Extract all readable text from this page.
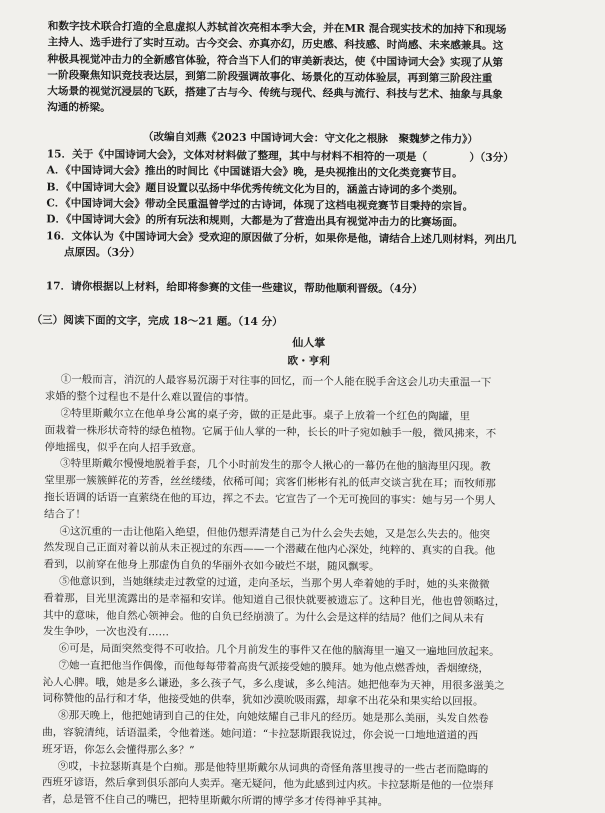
和数字技术联合打造的全息虚拟人苏轼首次亮相本季大会，并在MR 混合现实技术的加持下和现场

主持人、选手进行了实时互动。古今交会、亦真亦幻，历史感、科技感、时尚感、未来感兼具。这

种极具视觉冲击力的全新感官体验，符合当下人们的审美新表达，使《中国诗词大会》实现了从第

一阶段聚焦知识竞技表达层，到第二阶段强调故事化、场景化的互动体验层，再到第三阶段注重

大场景的视觉沉浸层的飞跃，搭建了古与今、传统与现代、经典与流行、科技与艺术、抽象与具象

沟通的桥梁。

（改编自刘燕《2023 中国诗词大会：守文化之根脉　聚魏梦之伟力》）

15．关于《中国诗词大会》，文体对材料做了整理，其中与材料不相符的一项是（　　　　）（3分）

A．《中国诗词大会》推出的时间比《中国谜语大会》晚，是央视推出的文化类竞赛节目。

B．《中国诗词大会》题目设置以弘扬中华优秀传统文化为目的，涵盖古诗词的多个类别。

C．《中国诗词大会》带动全民重温曾学过的古诗词，体现了这档电视竞赛节目秉持的宗旨。

D．《中国诗词大会》的所有玩法和规则，大都是为了营造出具有视觉冲击力的比赛场面。

16．文体认为《中国诗词大会》受欢迎的原因做了分析，如果你是他，请结合上述几则材料，列出几

点原因。（3分）

17．请你根据以上材料，给即将参赛的文佳一些建议，帮助他顺利晋级。（4分）

（三）阅读下面的文字，完成 18～21 题。（14 分）

仙人掌

欧・亨利

①一般而言，消沉的人最容易沉溺于对往事的回忆，而一个人能在脱手舍这会儿功夫重温一下

求婚的整个过程也不是什么难以置信的事情。

②特里斯戴尔立在他单身公寓的桌子旁，做的正是此事。桌子上放着一个红色的陶罐，里

面栽着一株形状奇特的绿色植物。它属于仙人掌的一种，长长的叶子宛如触手一般，微风拂来，不

停地摇曳，似乎在向人招手致意。

③特里斯戴尔慢慢地脱着手套，几个小时前发生的那令人揪心的一幕仍在他的脑海里闪现。教

堂里那一簇簇鲜花的芳香，丝丝缕缕，依稀可闻；宾客们彬彬有礼的低声交谈言犹在耳；而牧师那

拖长语调的话语一直萦绕在他的耳边，挥之不去。它宣告了一个无可挽回的事实：她与另一个男人

结合了！

④这沉重的一击让他陷入绝望，但他仍想弄清楚自己为什么会失去她，又是怎么失去的。他突

然发现自己正面对着以前从未正视过的东西——一个潜藏在他内心深处，纯粹的、真实的自我。他

看到，以前穿在他身上那虚伪自负的华丽外衣如今破烂不堪，随风飘零。

⑤他意识到，当她继续走过教堂的过道，走向圣坛，当那个男人牵着她的手时，她的头来微微

看着那，目光里流露出的是幸福和安详。他知道自己很快就要被遗忘了。这种目光，他也曾领略过，

其中的意味，他自然心领神会。他的自负已经崩溃了。为什么会是这样的结局？他们之间从未有

发生争吵，一次也没有……

⑥可是，局面突然变得不可收拾。几个月前发生的事件又在他的脑海里一遍又一遍地回放起来。

⑦她一直把他当作偶像，而他每每带着高贵气派接受她的膜拜。她为他点燃香烛，香烟缭绕，

沁人心脾。哦，她是多么谦逊，多么孩子气，多么虔诚，多么纯洁。她把他奉为天神，用很多滋美之

词称赞他的品行和才华，他接受她的供奉，犹如沙漠吮吸雨露，却拿不出花朵和果实给以回报。

⑧那天晚上，他把她请到自己的住处，向她炫耀自己非凡的经历。她是那么美丽，头发自然卷

曲，容貌清纯，话语温柔，令他着迷。她问道：“卡拉瑟斯跟我说过，你会说一口地地道道的西

班牙语，你怎么会懂得那么多？”

⑨哎，卡拉瑟斯真是个白痴。那是他特里斯戴尔从词典的奇怪角落里搜寻的一些古老而隐晦的

西班牙谚语，然后拿到俱乐部向人卖弄。毫无疑问，他为此感到过内疚。卡拉瑟斯是他的一位崇拜

者，总是管不住自己的嘴巴，把特里斯戴尔所谓的博学多才传得神乎其神。
